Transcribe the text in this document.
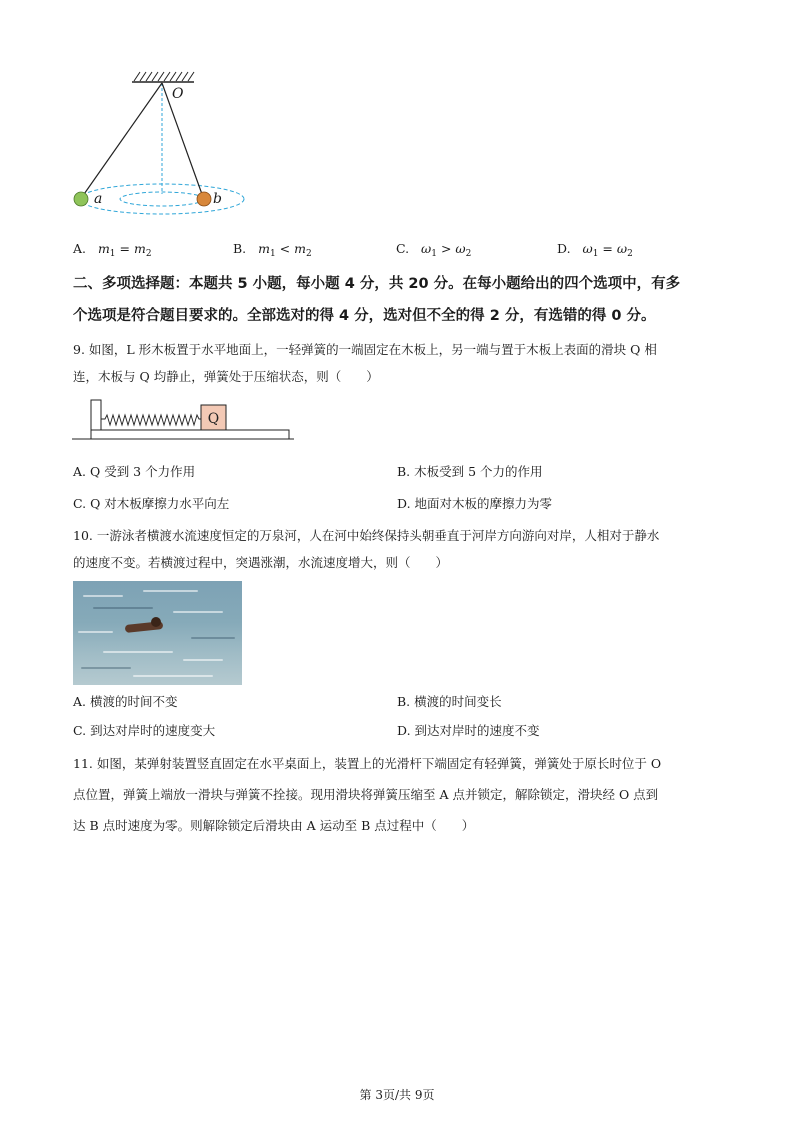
O
a	b
A. $m_1 = m_2$	B. $m_1 < m_2$	C. $\omega_1 > \omega_2$	D. $\omega_1 = \omega_2$
二、多项选择题：本题共 5 小题，每小题 4 分，共 20 分。在每小题给出的四个选项中，有多
个选项是符合题目要求的。全部选对的得 4 分，选对但不全的得 2 分，有选错的得 0 分。
9. 如图，L 形木板置于水平地面上，一轻弹簧的一端固定在木板上，另一端与置于木板上表面的滑块 Q 相
连，木板与 Q 均静止，弹簧处于压缩状态，则（　　）
Q
A. Q 受到 3 个力作用	B. 木板受到 5 个力的作用
C. Q 对木板摩擦力水平向左	D. 地面对木板的摩擦力为零
10. 一游泳者横渡水流速度恒定的万泉河，人在河中始终保持头朝垂直于河岸方向游向对岸，人相对于静水
的速度不变。若横渡过程中，突遇涨潮，水流速度增大，则（　　）
A. 横渡的时间不变	B. 横渡的时间变长
C. 到达对岸时的速度变大	D. 到达对岸时的速度不变
11. 如图，某弹射装置竖直固定在水平桌面上，装置上的光滑杆下端固定有轻弹簧，弹簧处于原长时位于 O
点位置，弹簧上端放一滑块与弹簧不拴接。现用滑块将弹簧压缩至 A 点并锁定，解除锁定，滑块经 O 点到
达 B 点时速度为零。则解除锁定后滑块由 A 运动至 B 点过程中（　　）
第 3页/共 9页
